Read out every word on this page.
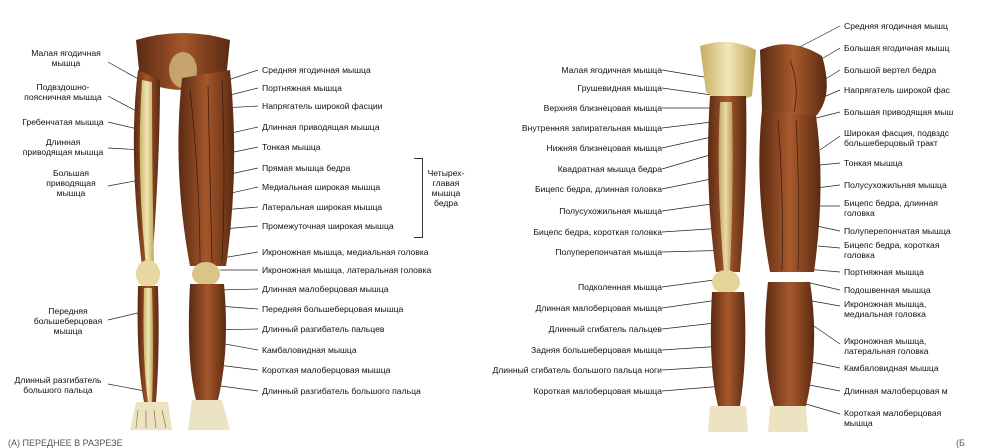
Малая ягодичная
мышца
Подвздошно-
поясничная мышца
Гребенчатая мышца
Длинная
приводящая мышца
Большая
приводящая
мышца
Передняя
большеберцовая
мышца
Длинный разгибатель
большого пальца
Средняя ягодичная мышца
Портняжная мышца
Напрягатель широкой фасции
Длинная приводящая мышца
Тонкая мышца
Прямая мышца бедра
Медиальная широкая мышца
Латеральная широкая мышца
Промежуточная широкая мышца
Икроножная мышца, медиальная головка
Икроножная мышца, латеральная головка
Длинная малоберцовая мышца
Передняя большеберцовая мышца
Длинный разгибатель пальцев
Камбаловидная мышца
Короткая малоберцовая мышца
Длинный разгибатель большого пальца
Четырех-
главая
мышца
бедра
Малая ягодичная мышца
Грушевидная мышца
Верхняя близнецовая мышца
Внутренняя запирательная мышца
Нижняя близнецовая мышца
Квадратная мышца бедра
Бицепс бедра, длинная головка
Полусухожильная мышца
Бицепс бедра, короткая головка
Полуперепончатая мышца
Подколенная мышца
Длинная малоберцовая мышца
Длинный сгибатель пальцев
Задняя большеберцовая мышца
Длинный сгибатель большого пальца ноги
Короткая малоберцовая мышца
Средняя ягодичная мышц
Большая ягодичная мышц
Большой вертел бедра
Напрягатель широкой фас
Большая приводящая мыш
Широкая фасция, подвздс
большеберцовый тракт
Тонкая мышца
Полусухожильная мышца
Бицепс бедра, длинная
головка
Полуперепончатая мышца
Бицепс бедра, короткая
головка
Портняжная мышца
Подошвенная мышца
Икроножная мышца,
медиальная головка
Икроножная мышца,
латеральная головка
Камбаловидная мышца
Длинная малоберцовая м
Короткая малоберцовая
мышца
(А) ПЕРЕДНЕЕ В РАЗРЕЗЕ	(Б
